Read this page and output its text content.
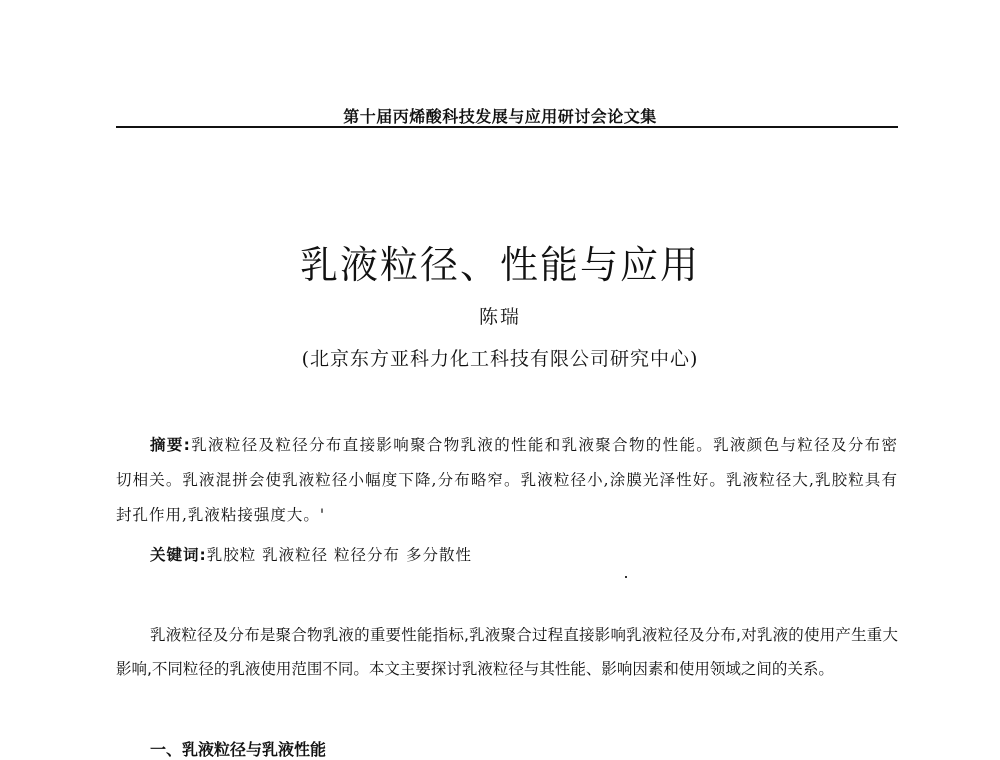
第十届丙烯酸科技发展与应用研讨会论文集
乳液粒径、性能与应用
陈瑞
(北京东方亚科力化工科技有限公司研究中心)

摘要:乳液粒径及粒径分布直接影响聚合物乳液的性能和乳液聚合物的性能。乳液颜色与粒径及分布密切相关。乳液混拼会使乳液粒径小幅度下降,分布略窄。乳液粒径小,涂膜光泽性好。乳液粒径大,乳胶粒具有封孔作用,乳液粘接强度大。'

关键词:乳胶粒 乳液粒径 粒径分布 多分散性

乳液粒径及分布是聚合物乳液的重要性能指标,乳液聚合过程直接影响乳液粒径及分布,对乳液的使用产生重大影响,不同粒径的乳液使用范围不同。本文主要探讨乳液粒径与其性能、影响因素和使用领域之间的关系。

一、乳液粒径与乳液性能
